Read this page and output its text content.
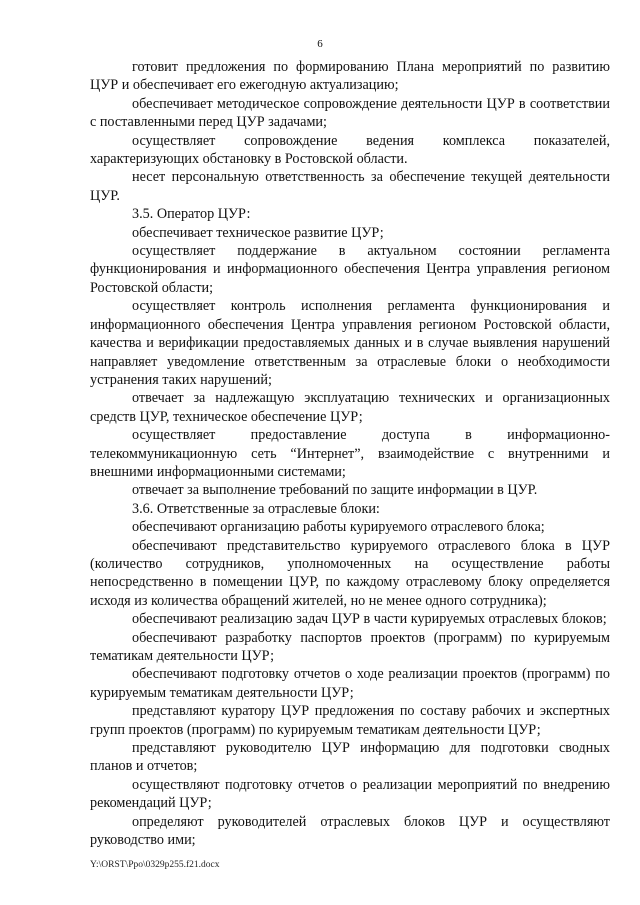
6

готовит предложения по формированию Плана мероприятий по развитию ЦУР и обеспечивает его ежегодную актуализацию;

обеспечивает методическое сопровождение деятельности ЦУР в соответствии с поставленными перед ЦУР задачами;

осуществляет сопровождение ведения комплекса показателей, характеризующих обстановку в Ростовской области.

несет персональную ответственность за обеспечение текущей деятельности ЦУР.

3.5. Оператор ЦУР:

обеспечивает техническое развитие ЦУР;

осуществляет поддержание в актуальном состоянии регламента функционирования и информационного обеспечения Центра управления регионом Ростовской области;

осуществляет контроль исполнения регламента функционирования и информационного обеспечения Центра управления регионом Ростовской области, качества и верификации предоставляемых данных и в случае выявления нарушений направляет уведомление ответственным за отраслевые блоки о необходимости устранения таких нарушений;

отвечает за надлежащую эксплуатацию технических и организационных средств ЦУР, техническое обеспечение ЦУР;

осуществляет предоставление доступа в информационно-телекоммуникационную сеть “Интернет”, взаимодействие с внутренними и внешними информационными системами;

отвечает за выполнение требований по защите информации в ЦУР.

3.6. Ответственные за отраслевые блоки:

обеспечивают организацию работы курируемого отраслевого блока;

обеспечивают представительство курируемого отраслевого блока в ЦУР (количество сотрудников, уполномоченных на осуществление работы непосредственно в помещении ЦУР, по каждому отраслевому блоку определяется исходя из количества обращений жителей, но не менее одного сотрудника);

обеспечивают реализацию задач ЦУР в части курируемых отраслевых блоков;

обеспечивают разработку паспортов проектов (программ) по курируемым тематикам деятельности ЦУР;

обеспечивают подготовку отчетов о ходе реализации проектов (программ) по курируемым тематикам деятельности ЦУР;

представляют куратору ЦУР предложения по составу рабочих и экспертных групп проектов (программ) по курируемым тематикам деятельности ЦУР;

представляют руководителю ЦУР информацию для подготовки сводных планов и отчетов;

осуществляют подготовку отчетов о реализации мероприятий по внедрению рекомендаций ЦУР;

определяют руководителей отраслевых блоков ЦУР и осуществляют руководство ими;

Y:\ORST\Ppo\0329p255.f21.docx
